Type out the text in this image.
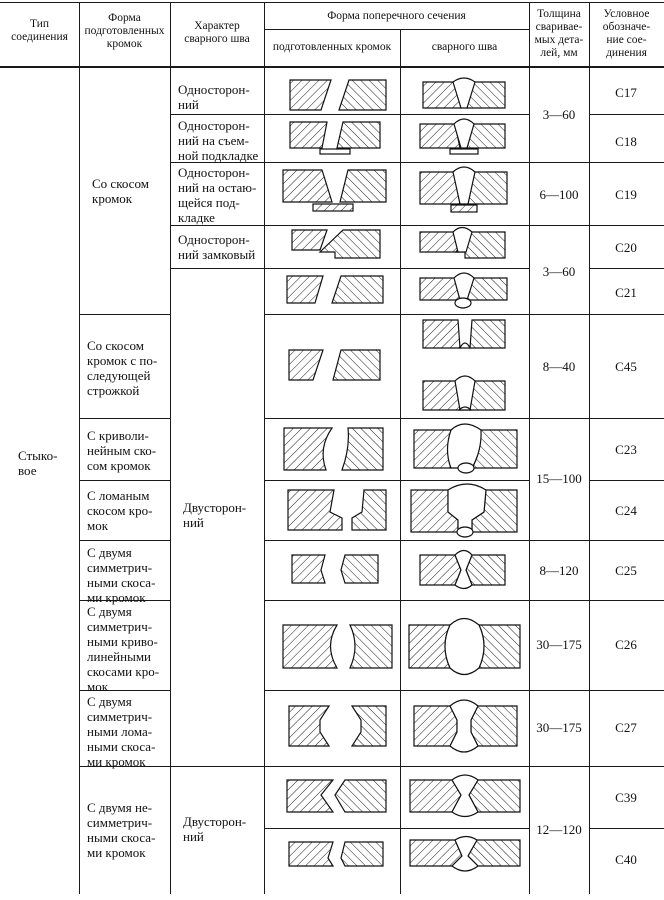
Тип
соединения
Форма
подготовленных
кромок
Характер
сварного шва
Форма поперечного сечения
подготовленных кромок	сварного шва
Толщина
сваривае-
мых дета-
лей, мм
Условное
обозначе-
ние сое-
динения
Стыко-
вое
Со скосом
кромок
Со скосом
кромок с по-
следующей
строжкой
С криволи-
нейным ско-
сом кромок
С ломаным
скосом кро-
мок
С двумя
симметрич-
ными скоса-
ми кромок
С двумя
симметрич-
ными криво-
линейными
скосами кро-
мок
С двумя
симметрич-
ными лома-
ными скоса-
ми кромок
С двумя не-
симметрич-
ными скоса-
ми кромок
Односторон-
ний
Односторон-
ний на съем-
ной подкладке
Односторон-
ний на остаю-
щейся под-
кладке
Односторон-
ний замковый
Двусторон-
ний
Двусторон-
ний
3—60
6—100
3—60
8—40
15—100
8—120
30—175
30—175
12—120
С17
С18
С19
С20
С21
С45
С23
С24
С25
С26
С27
С39
С40
